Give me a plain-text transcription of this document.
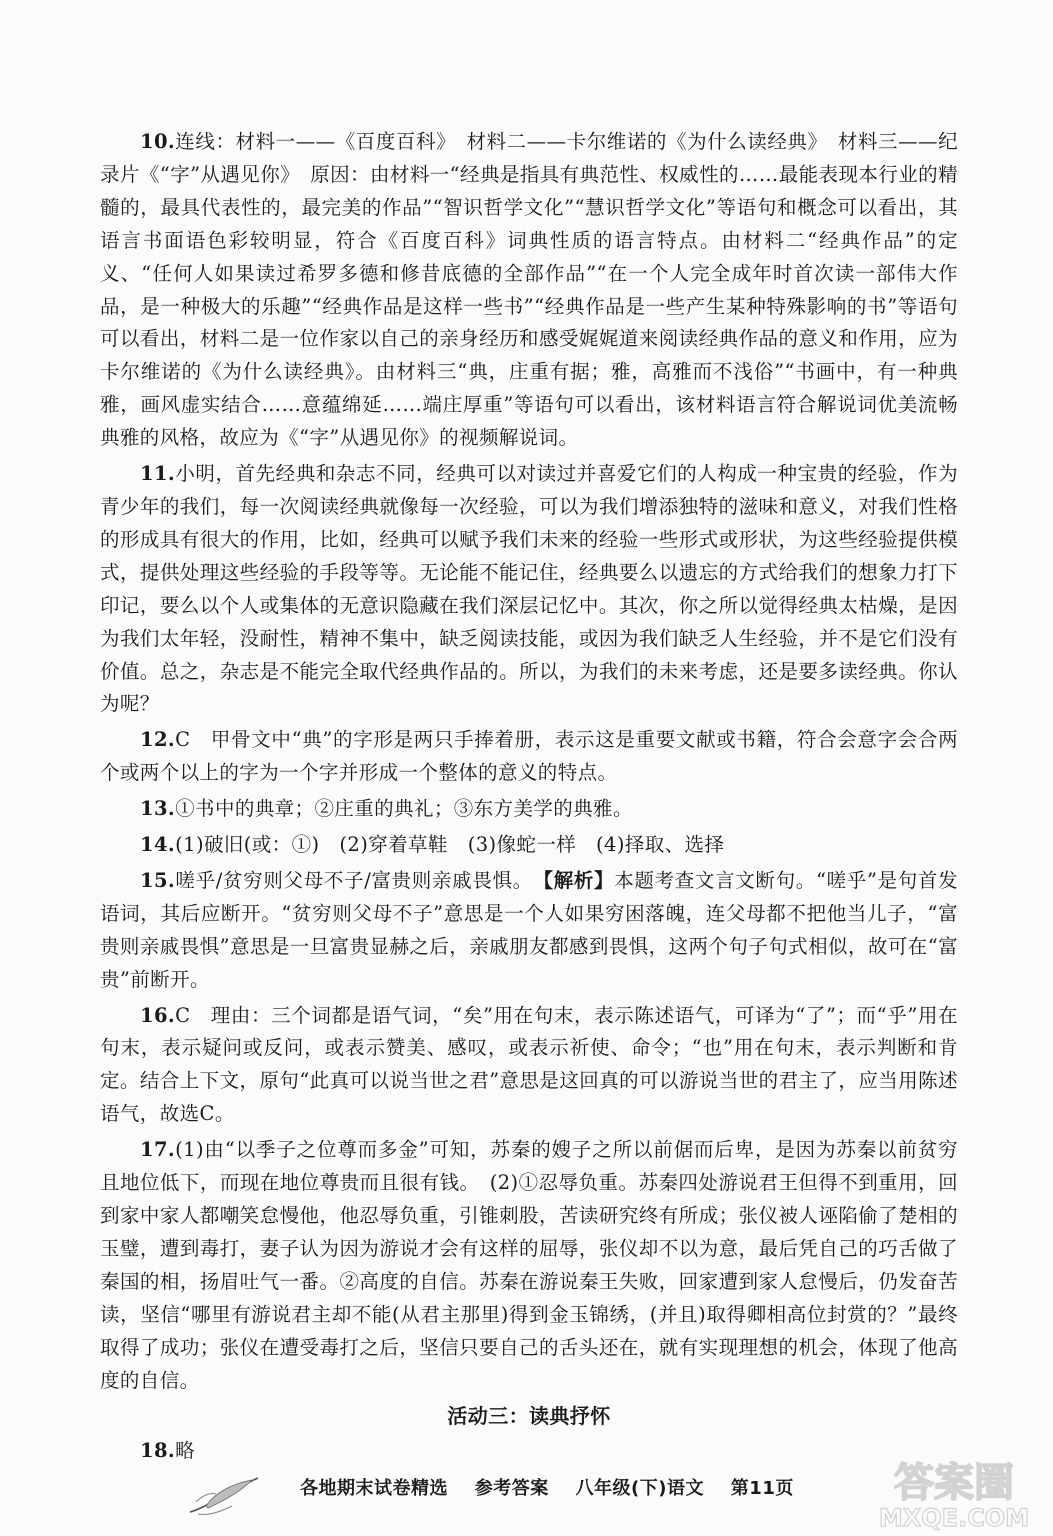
10.连线：材料一——《百度百科》　材料二——卡尔维诺的《为什么读经典》　材料三——纪录片《“字”从遇见你》　原因：由材料一“经典是指具有典范性、权威性的……最能表现本行业的精髓的，最具代表性的，最完美的作品”“智识哲学文化”“慧识哲学文化”等语句和概念可以看出，其语言书面语色彩较明显，符合《百度百科》词典性质的语言特点。由材料二“经典作品”的定义、“任何人如果读过希罗多德和修昔底德的全部作品”“在一个人完全成年时首次读一部伟大作品，是一种极大的乐趣”“经典作品是这样一些书”“经典作品是一些产生某种特殊影响的书”等语句可以看出，材料二是一位作家以自己的亲身经历和感受娓娓道来阅读经典作品的意义和作用，应为卡尔维诺的《为什么读经典》。由材料三“典，庄重有据；雅，高雅而不浅俗”“书画中，有一种典雅，画风虚实结合……意蕴绵延……端庄厚重”等语句可以看出，该材料语言符合解说词优美流畅典雅的风格，故应为《“字”从遇见你》的视频解说词。

11.小明，首先经典和杂志不同，经典可以对读过并喜爱它们的人构成一种宝贵的经验，作为青少年的我们，每一次阅读经典就像每一次经验，可以为我们增添独特的滋味和意义，对我们性格的形成具有很大的作用，比如，经典可以赋予我们未来的经验一些形式或形状，为这些经验提供模式，提供处理这些经验的手段等等。无论能不能记住，经典要么以遗忘的方式给我们的想象力打下印记，要么以个人或集体的无意识隐藏在我们深层记忆中。其次，你之所以觉得经典太枯燥，是因为我们太年轻，没耐性，精神不集中，缺乏阅读技能，或因为我们缺乏人生经验，并不是它们没有价值。总之，杂志是不能完全取代经典作品的。所以，为我们的未来考虑，还是要多读经典。你认为呢？

12.C　甲骨文中“典”的字形是两只手捧着册，表示这是重要文献或书籍，符合会意字会合两个或两个以上的字为一个字并形成一个整体的意义的特点。

13.①书中的典章；②庄重的典礼；③东方美学的典雅。

14.(1)破旧(或：①)　(2)穿着草鞋　(3)像蛇一样　(4)择取、选择

15.嗟乎/贫穷则父母不子/富贵则亲戚畏惧。　【解析】本题考查文言文断句。“嗟乎”是句首发语词，其后应断开。“贫穷则父母不子”意思是一个人如果穷困落魄，连父母都不把他当儿子，“富贵则亲戚畏惧”意思是一旦富贵显赫之后，亲戚朋友都感到畏惧，这两个句子句式相似，故可在“富贵”前断开。

16.C　理由：三个词都是语气词，“矣”用在句末，表示陈述语气，可译为“了”；而“乎”用在句末，表示疑问或反问，或表示赞美、感叹，或表示祈使、命令；“也”用在句末，表示判断和肯定。结合上下文，原句“此真可以说当世之君”意思是这回真的可以游说当世的君主了，应当用陈述语气，故选C。

17.(1)由“以季子之位尊而多金”可知，苏秦的嫂子之所以前倨而后卑，是因为苏秦以前贫穷且地位低下，而现在地位尊贵而且很有钱。　(2)①忍辱负重。苏秦四处游说君王但得不到重用，回到家中家人都嘲笑怠慢他，他忍辱负重，引锥刺股，苦读研究终有所成；张仪被人诬陷偷了楚相的玉璧，遭到毒打，妻子认为因为游说才会有这样的屈辱，张仪却不以为意，最后凭自己的巧舌做了秦国的相，扬眉吐气一番。②高度的自信。苏秦在游说秦王失败，回家遭到家人怠慢后，仍发奋苦读，坚信“哪里有游说君主却不能(从君主那里)得到金玉锦绣，(并且)取得卿相高位封赏的？”最终取得了成功；张仪在遭受毒打之后，坚信只要自己的舌头还在，就有实现理想的机会，体现了他高度的自信。

活动三：读典抒怀

18.略

各地期末试卷精选 参考答案 八年级(下)语文 第11页	答案圈
MXQE.COM
